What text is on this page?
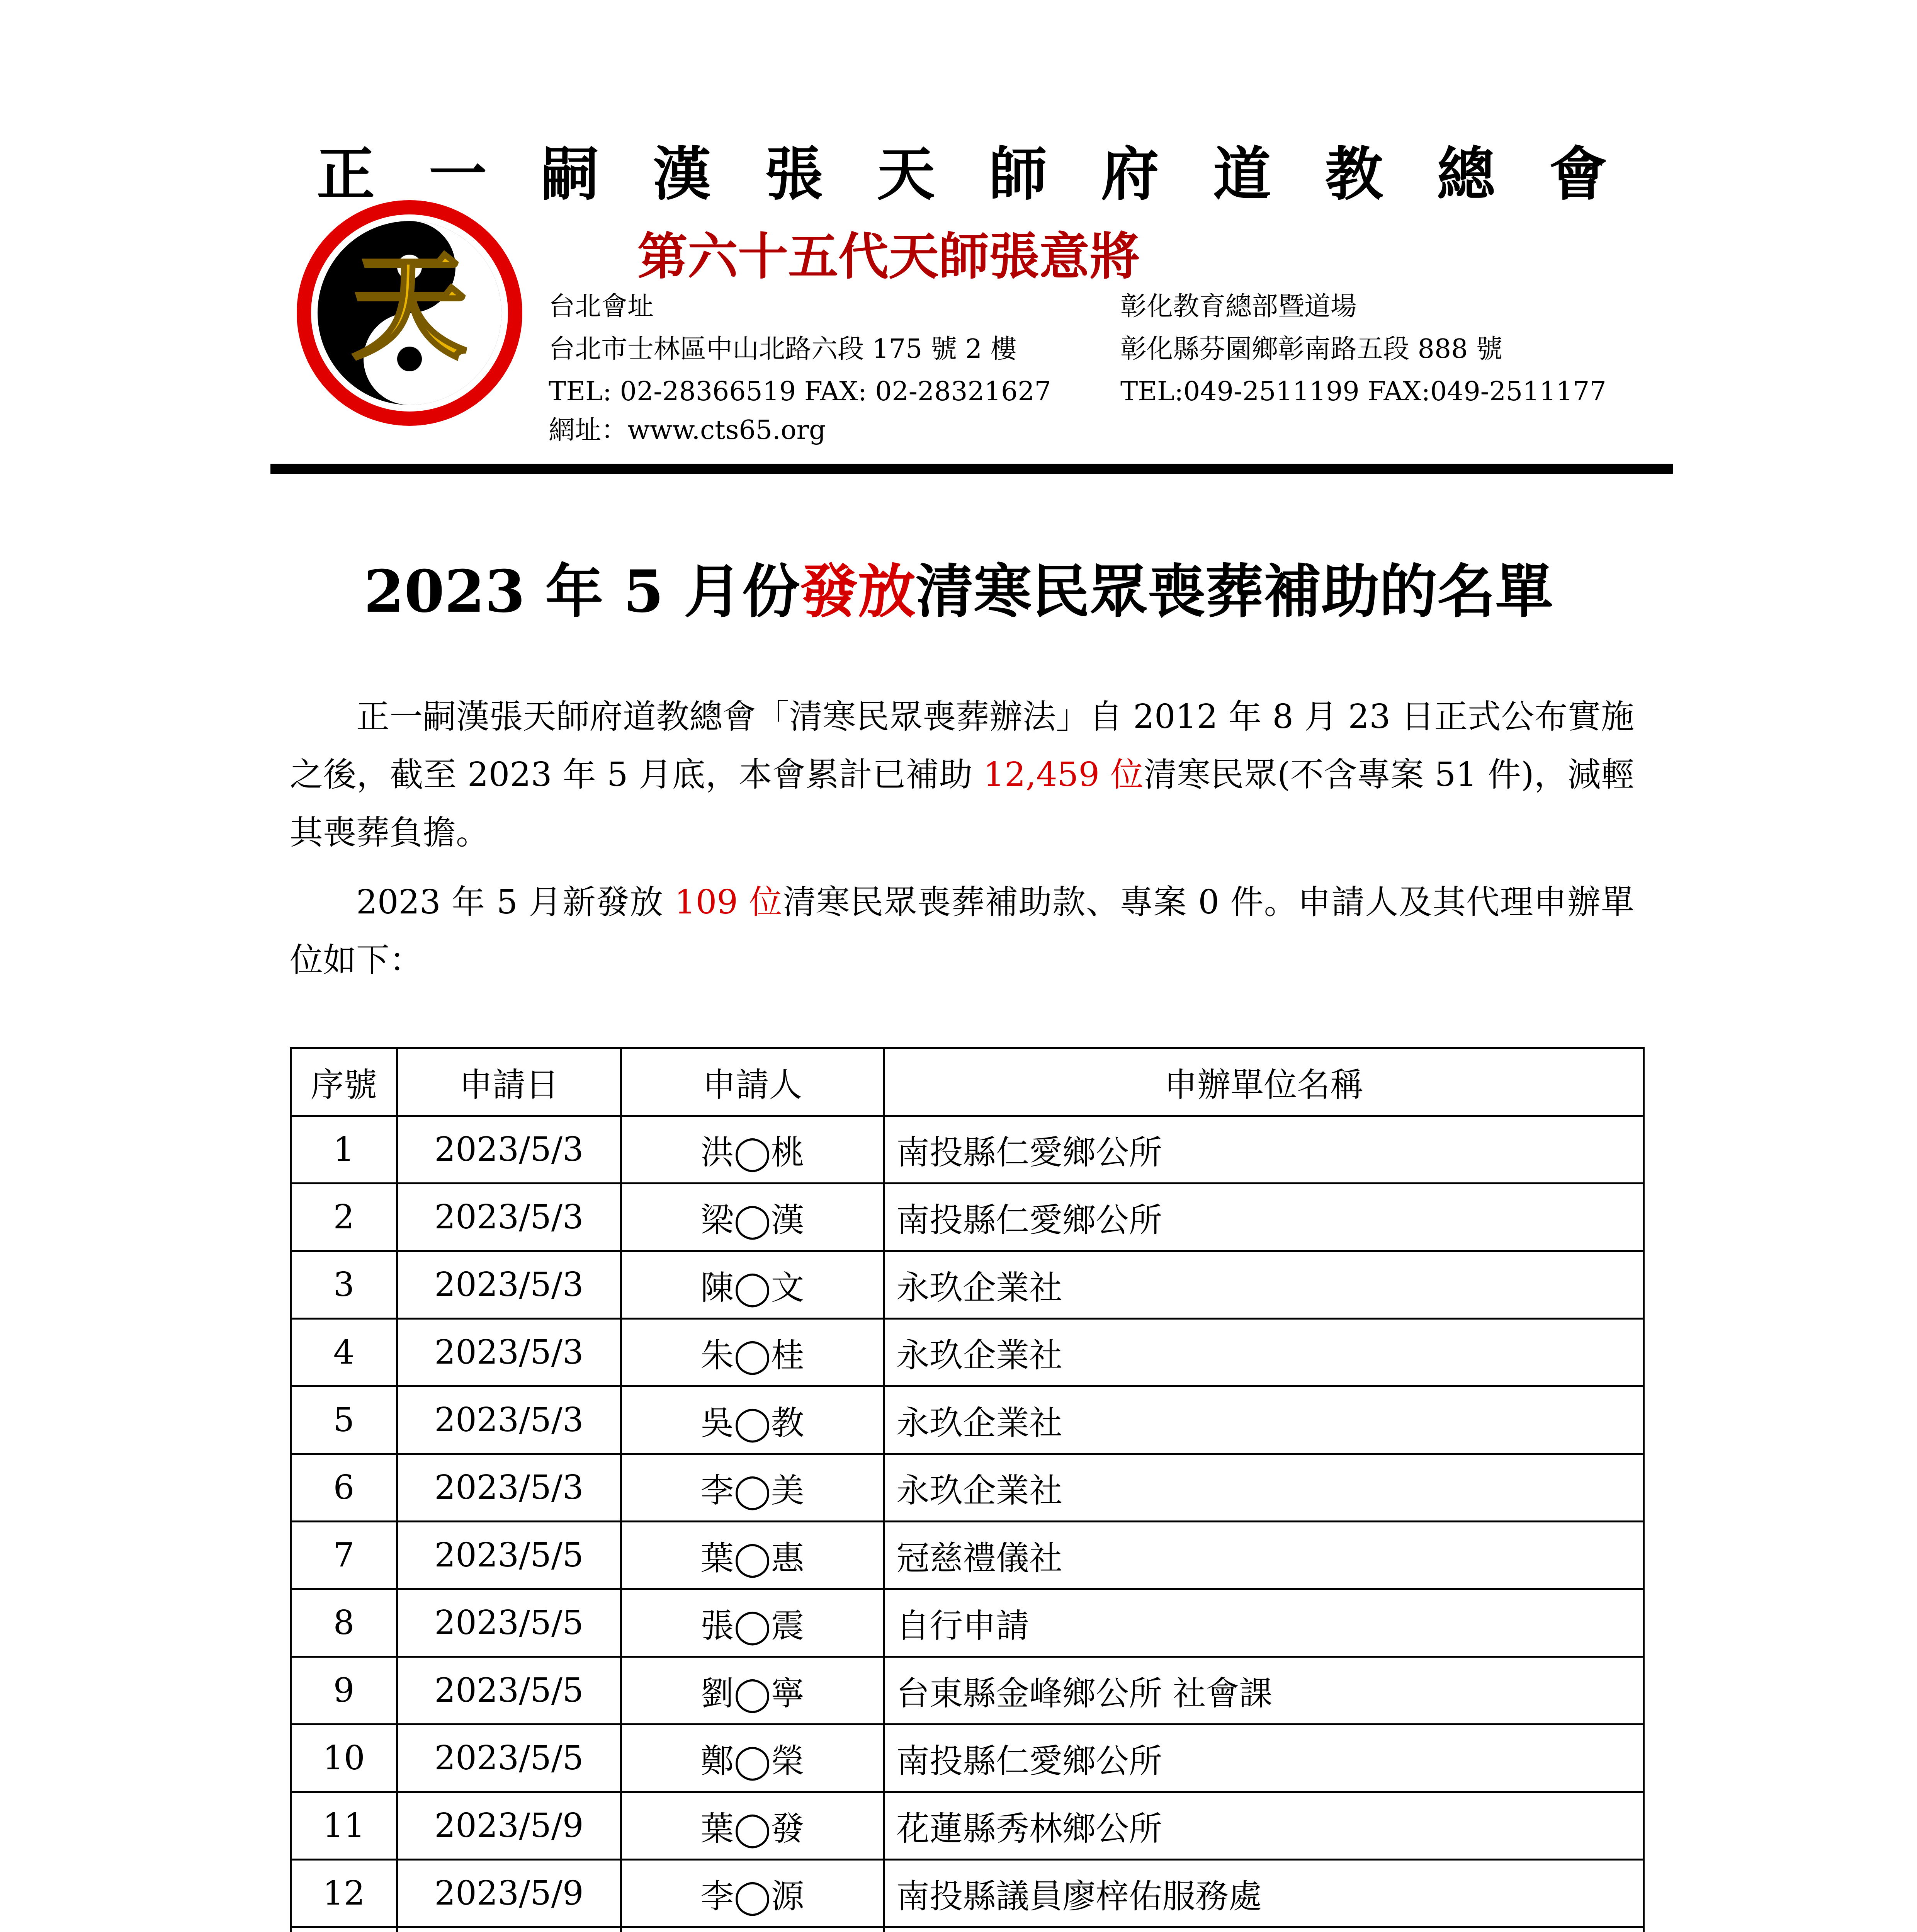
正 一 嗣 漢 張 天 師 府 道 教 總 會
天	第六十五代天師張意將
台北會址
台北市士林區中山北路六段 175 號 2 樓
TEL: 02-28366519 FAX: 02-28321627
網址：www.cts65.org
彰化教育總部暨道場
彰化縣芬園鄉彰南路五段 888 號
TEL:049-2511199 FAX:049-2511177
2023 年 5 月份發放清寒民眾喪葬補助的名單
正一嗣漢張天師府道教總會「清寒民眾喪葬辦法」自 2012 年 8 月 23 日正式公布實施之後，截至 2023 年 5 月底，本會累計已補助 12,459 位清寒民眾(不含專案 51 件)，減輕其喪葬負擔。
2023 年 5 月新發放 109 位清寒民眾喪葬補助款、專案 0 件。申請人及其代理申辦單位如下：
序號	申請日	申請人	申辦單位名稱
1	2023/5/3	洪◯桃	南投縣仁愛鄉公所
2	2023/5/3	梁◯漢	南投縣仁愛鄉公所
3	2023/5/3	陳◯文	永玖企業社
4	2023/5/3	朱◯桂	永玖企業社
5	2023/5/3	吳◯教	永玖企業社
6	2023/5/3	李◯美	永玖企業社
7	2023/5/5	葉◯惠	冠慈禮儀社
8	2023/5/5	張◯震	自行申請
9	2023/5/5	劉◯寧	台東縣金峰鄉公所 社會課
10	2023/5/5	鄭◯榮	南投縣仁愛鄉公所
11	2023/5/9	葉◯發	花蓮縣秀林鄉公所
12	2023/5/9	李◯源	南投縣議員廖梓佑服務處
